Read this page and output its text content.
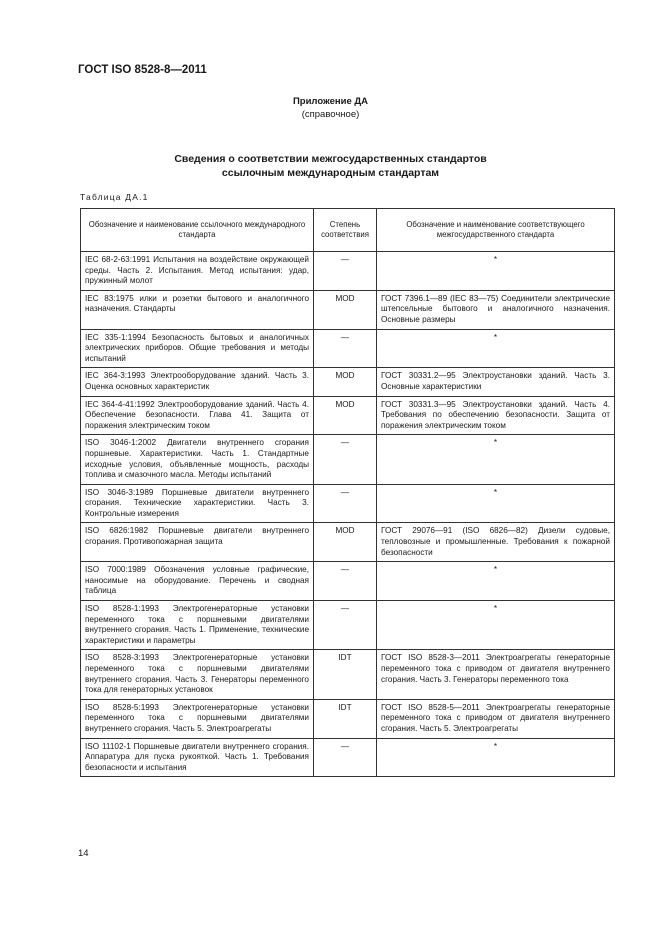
ГОСТ ISO 8528-8—2011
Приложение ДА
(справочное)
Сведения о соответствии межгосударственных стандартов
ссылочным международным стандартам
Таблица ДА.1
Обозначение и наименование ссылочного международного стандарта	Степень соответствия	Обозначение и наименование соответствующего межгосударственного стандарта
IEC 68-2-63:1991 Испытания на воздействие окружающей среды. Часть 2. Испытания. Метод испытания: удар, пружинный молот	—	*
IEC 83:1975 илки и розетки бытового и аналогичного назначения. Стандарты	MOD	ГОСТ 7396.1—89 (IEC 83—75) Соединители электрические штепсельные бытового и аналогичного назначения. Основные размеры
IEC 335-1:1994 Безопасность бытовых и аналогичных электрических приборов. Общие требования и методы испытаний	—	*
IEC 364-3:1993 Электрооборудование зданий. Часть 3. Оценка основных характеристик	MOD	ГОСТ 30331.2—95 Электроустановки зданий. Часть 3. Основные характеристики
IEC 364-4-41:1992 Электрооборудование зданий. Часть 4. Обеспечение безопасности. Глава 41. Защита от поражения электрическим током	MOD	ГОСТ 30331.3—95 Электроустановки зданий. Часть 4. Требования по обеспечению безопасности. Защита от поражения электрическим током
ISO 3046-1:2002 Двигатели внутреннего сгорания поршневые. Характеристики. Часть 1. Стандартные исходные условия, объявленные мощность, расходы топлива и смазочного масла. Методы испытаний	—	*
ISO 3046-3:1989 Поршневые двигатели внутреннего сгорания. Технические характеристики. Часть 3. Контрольные измерения	—	*
ISO 6826:1982 Поршневые двигатели внутреннего сгорания. Противопожарная защита	MOD	ГОСТ 29076—91 (ISO 6826—82) Дизели судовые, тепловозные и промышленные. Требования к пожарной безопасности
ISO 7000:1989 Обозначения условные графические, наносимые на оборудование. Перечень и сводная таблица	—	*
ISO 8528-1:1993 Электрогенераторные установки переменного тока с поршневыми двигателями внутреннего сгорания. Часть 1. Применение, технические характеристики и параметры	—	*
ISO 8528-3:1993 Электрогенераторные установки переменного тока с поршневыми двигателями внутреннего сгорания. Часть 3. Генераторы переменного тока для генераторных установок	IDT	ГОСТ ISO 8528-3—2011 Электроагрегаты генераторные переменного тока с приводом от двигателя внутреннего сгорания. Часть 3. Генераторы переменного тока
ISO 8528-5:1993 Электрогенераторные установки переменного тока с поршневыми двигателями внутреннего сгорания. Часть 5. Электроагрегаты	IDT	ГОСТ ISO 8528-5—2011 Электроагрегаты генераторные переменного тока с приводом от двигателя внутреннего сгорания. Часть 5. Электроагрегаты
ISO 11102-1 Поршневые двигатели внутреннего сгорания. Аппаратура для пуска рукояткой. Часть 1. Требования безопасности и испытания	—	*
14
